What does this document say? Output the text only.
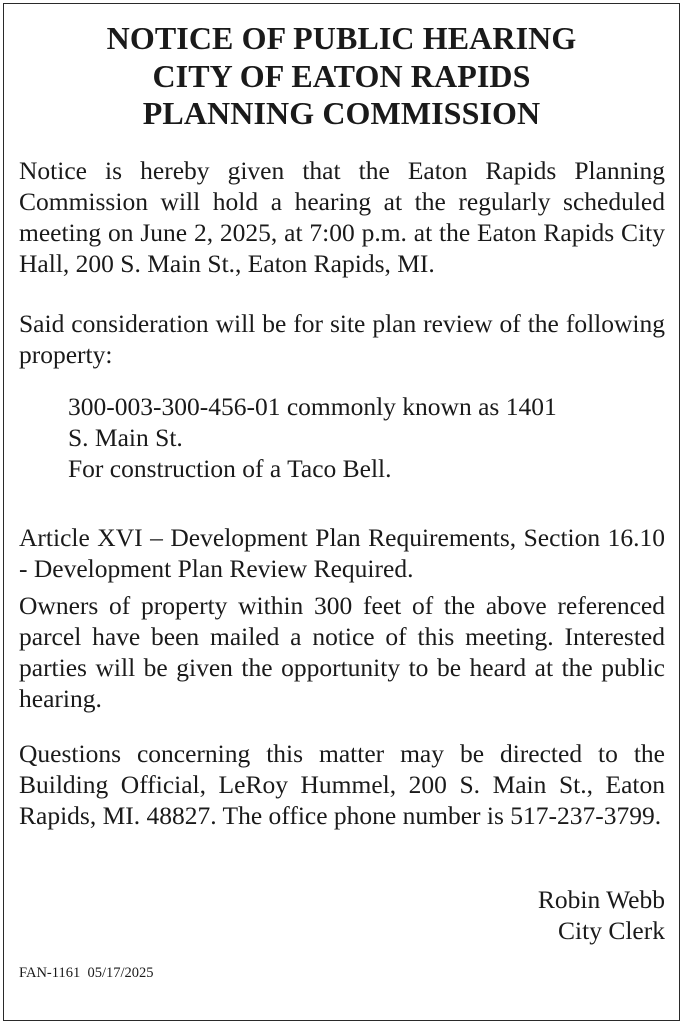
NOTICE OF PUBLIC HEARING
CITY OF EATON RAPIDS
PLANNING COMMISSION
Notice is hereby given that the Eaton Rapids Planning Commission will hold a hearing at the regularly scheduled meeting on June 2, 2025, at 7:00 p.m. at the Eaton Rapids City Hall, 200 S. Main St., Eaton Rapids, MI.
Said consideration will be for site plan review of the following property:
300-003-300-456-01 commonly known as 1401
S. Main St.
For construction of a Taco Bell.
Article XVI – Development Plan Requirements, Section 16.10 - Development Plan Review Required.
Owners of property within 300 feet of the above referenced parcel have been mailed a notice of this meeting. Interested parties will be given the opportunity to be heard at the public hearing.
Questions concerning this matter may be directed to the Building Official, LeRoy Hummel, 200 S. Main St., Eaton Rapids, MI. 48827. The office phone number is 517-​237-3799.
Robin Webb
City Clerk
FAN-1161  05/17/2025
